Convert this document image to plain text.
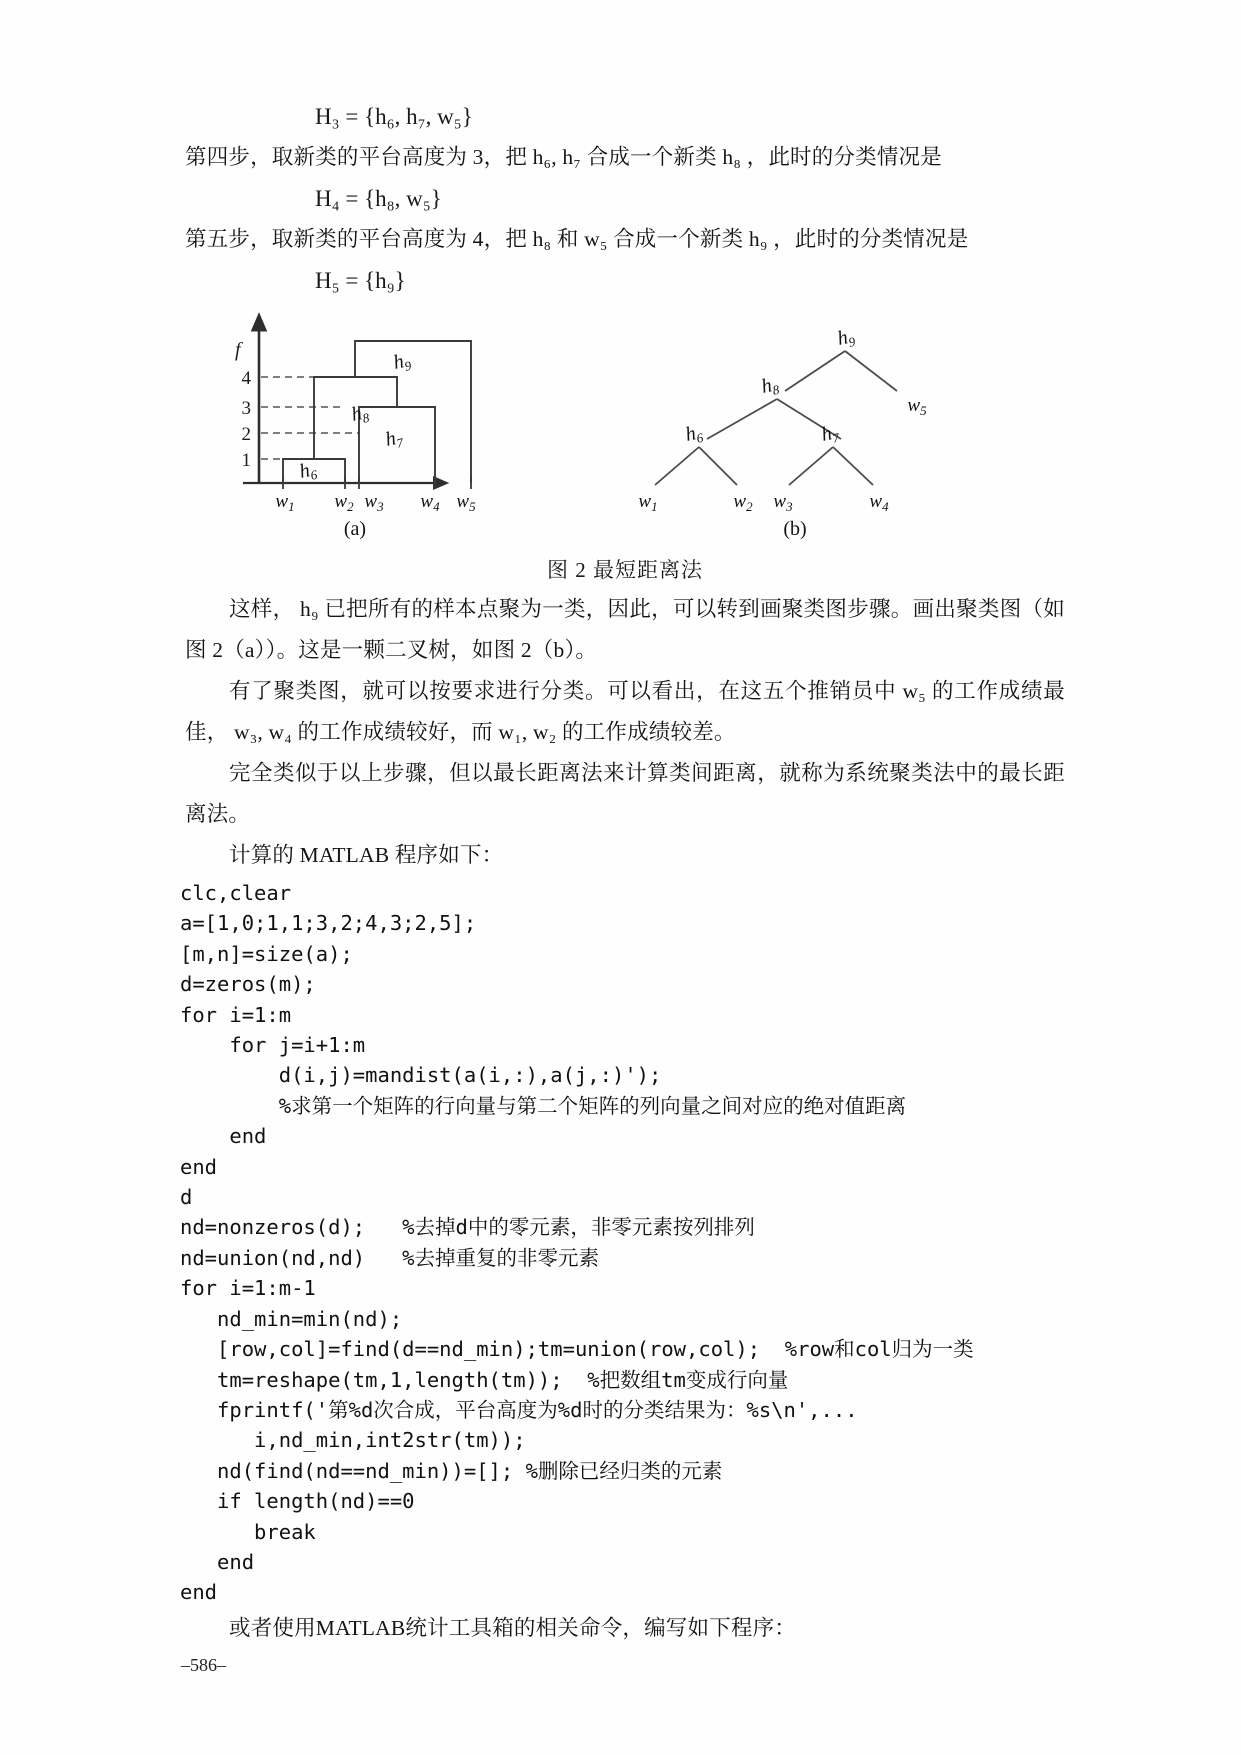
H₃ = {h₆, h₇, w₅}

第四步，取新类的平台高度为 3，把 h₆, h₇ 合成一个新类 h₈ ，此时的分类情况是

H₄ = {h₈, w₅}

第五步，取新类的平台高度为 4，把 h₈ 和 w₅ 合成一个新类 h₉ ，此时的分类情况是

H₅ = {h₉}
f
1
2
3
4
$h_6$
$h_7$
$h_8$
$h_9$
$w_1$ $w_2$ $w_3$ $w_4$ $w_5$
(a)
$h_9$
$h_8$
$h_6$	$h_7$
$w_1$	$w_2$ $w_3$	$w_4$
$w_5$
(b)

图 2 最短距离法

这样， h₉ 已把所有的样本点聚为一类，因此，可以转到画聚类图步骤。画出聚类图（如图 2（a））。这是一颗二叉树，如图 2（b）。

有了聚类图，就可以按要求进行分类。可以看出，在这五个推销员中 w₅ 的工作成绩最佳， w₃, w₄ 的工作成绩较好，而 w₁, w₂ 的工作成绩较差。

完全类似于以上步骤，但以最长距离法来计算类间距离，就称为系统聚类法中的最长距离法。

计算的 MATLAB 程序如下：

clc,clear
a=[1,0;1,1;3,2;4,3;2,5];
[m,n]=size(a);
d=zeros(m);
for i=1:m
for j=i+1:m
d(i,j)=mandist(a(i,:),a(j,:)');
%求第一个矩阵的行向量与第二个矩阵的列向量之间对应的绝对值距离
end
end
d
nd=nonzeros(d);   %去掉d中的零元素，非零元素按列排列
nd=union(nd,nd)   %去掉重复的非零元素
for i=1:m-1
nd_min=min(nd);
[row,col]=find(d==nd_min);tm=union(row,col);  %row和col归为一类
tm=reshape(tm,1,length(tm));  %把数组tm变成行向量
fprintf('第%d次合成，平台高度为%d时的分类结果为：%s\n',...
i,nd_min,int2str(tm));
nd(find(nd==nd_min))=[]; %删除已经归类的元素
if length(nd)==0
break
end
end

或者使用MATLAB统计工具箱的相关命令，编写如下程序：

–586–
